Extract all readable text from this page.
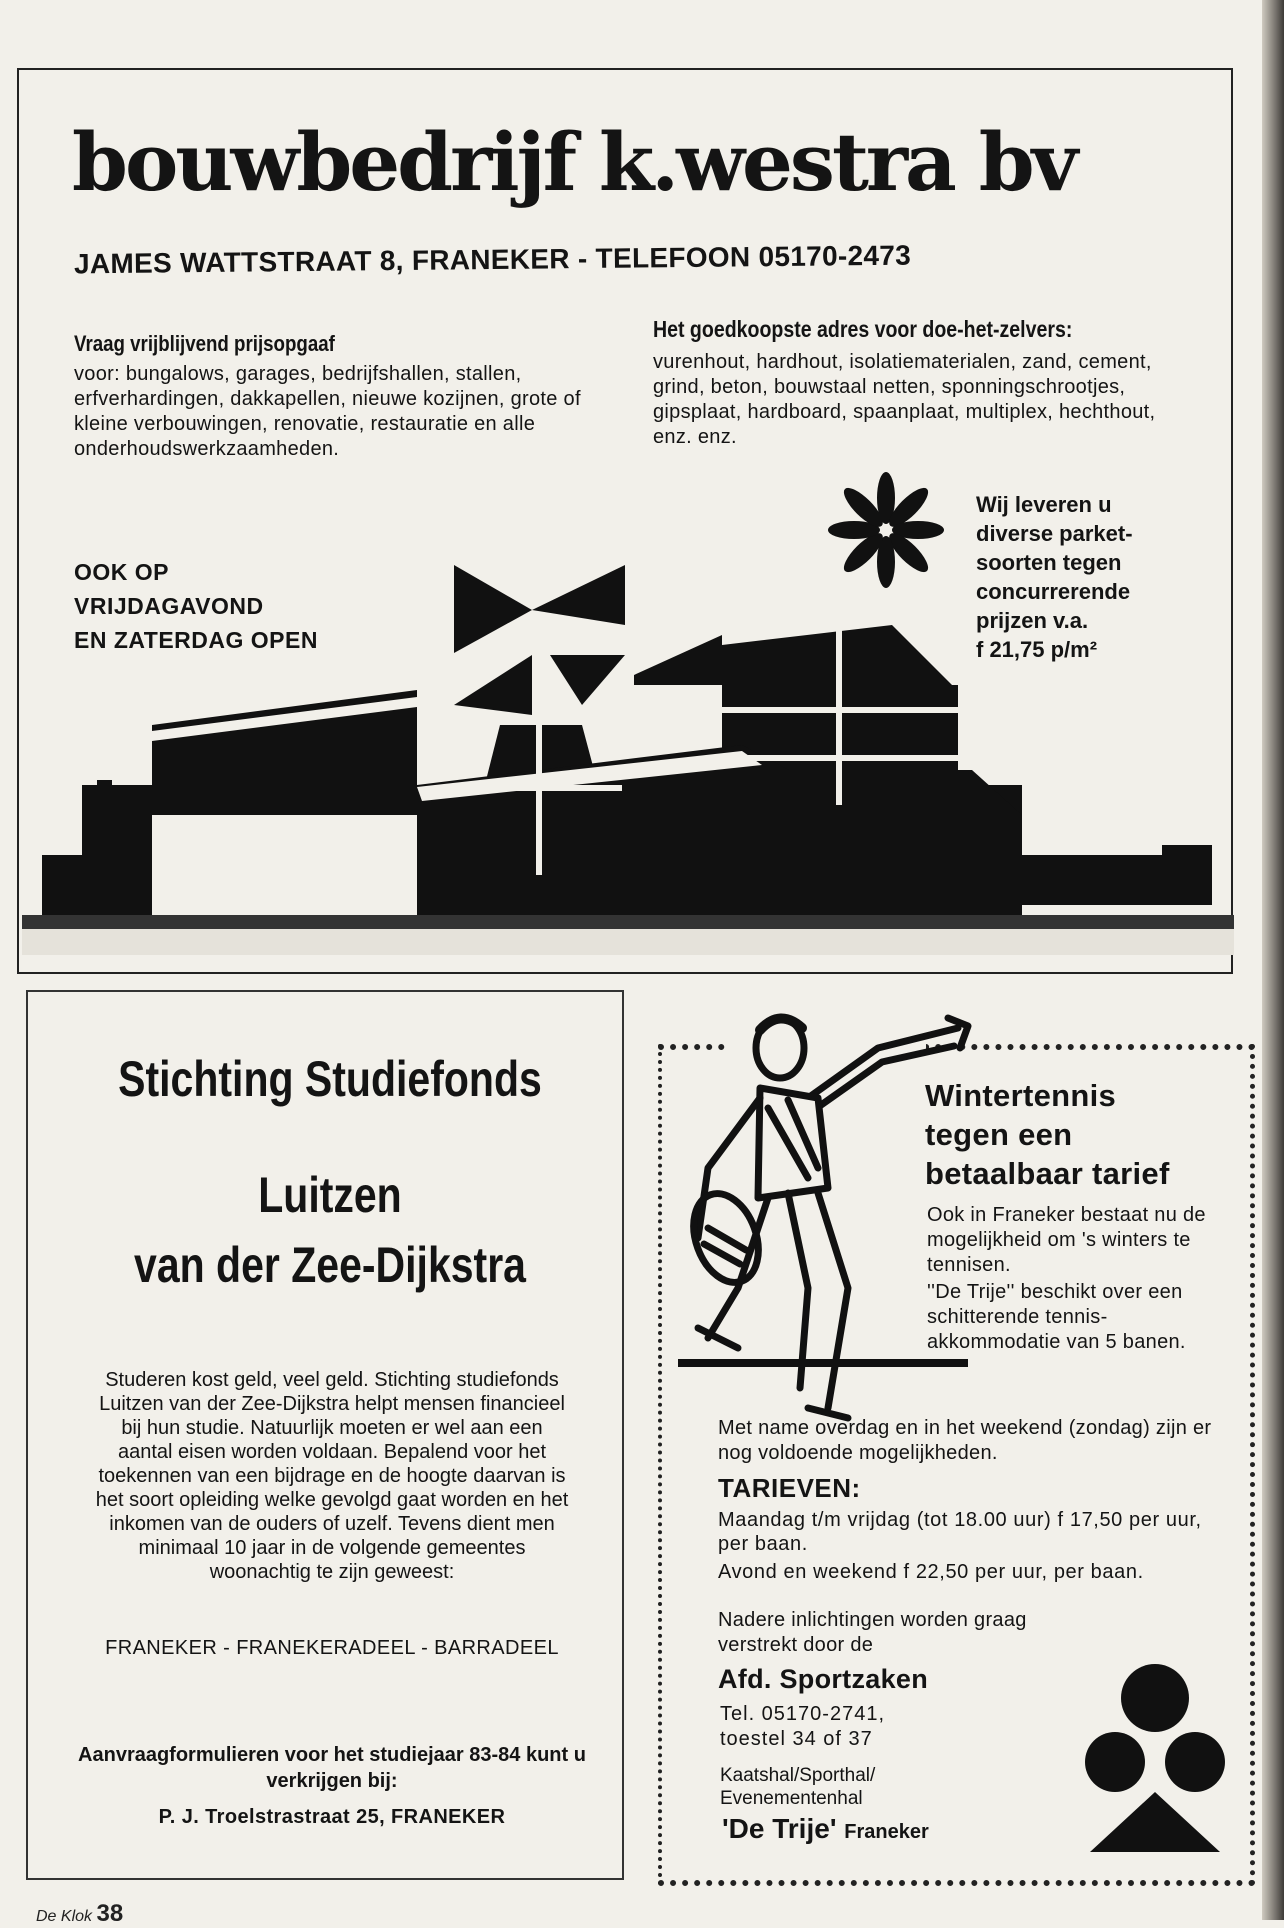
bouwbedrijf k.westra bv
JAMES WATTSTRAAT 8, FRANEKER - TELEFOON 05170-2473
Vraag vrijblijvend prijsopgaaf
voor: bungalows, garages, bedrijfshallen, stallen, erfverhardingen, dakkapellen, nieuwe kozijnen, grote of kleine verbouwingen, renovatie, restauratie en alle onderhoudswerkzaamheden.
Het goedkoopste adres voor doe-het-zelvers:
vurenhout, hardhout, isolatiematerialen, zand, cement, grind, beton, bouwstaal netten, sponningschrootjes, gipsplaat, hardboard, spaanplaat, multiplex, hechthout, enz. enz.
OOK OP
VRIJDAGAVOND
EN ZATERDAG OPEN
Wij leveren u
diverse parket-
soorten tegen
concurrerende
prijzen v.a.
f 21,75 p/m²
Stichting Studiefonds
Luitzen
van der Zee-Dijkstra
Studeren kost geld, veel geld. Stichting studiefonds Luitzen van der Zee-Dijkstra helpt mensen financieel bij hun studie. Natuurlijk moeten er wel aan een aantal eisen worden voldaan. Bepalend voor het toekennen van een bijdrage en de hoogte daarvan is het soort opleiding welke gevolgd gaat worden en het inkomen van de ouders of uzelf. Tevens dient men minimaal 10 jaar in de volgende gemeentes woonachtig te zijn geweest:
FRANEKER - FRANEKERADEEL - BARRADEEL
Aanvraagformulieren voor het studiejaar 83-84 kunt u verkrijgen bij:
P. J. Troelstrastraat 25, FRANEKER
Wintertennis
tegen een
betaalbaar tarief
Ook in Franeker bestaat nu de mogelijkheid om 's winters te tennisen.
''De Trije'' beschikt over een schitterende tennis-akkommodatie van 5 banen.
Met name overdag en in het weekend (zondag) zijn er nog voldoende mogelijkheden.
TARIEVEN:
Maandag t/m vrijdag (tot 18.00 uur) f 17,50 per uur, per baan.
Avond en weekend f 22,50 per uur, per baan.
Nadere inlichtingen worden graag verstrekt door de
Afd. Sportzaken
Tel. 05170-2741,
toestel 34 of 37
Kaatshal/Sporthal/
Evenementenhal
'De Trije' Franeker
De Klok 38
